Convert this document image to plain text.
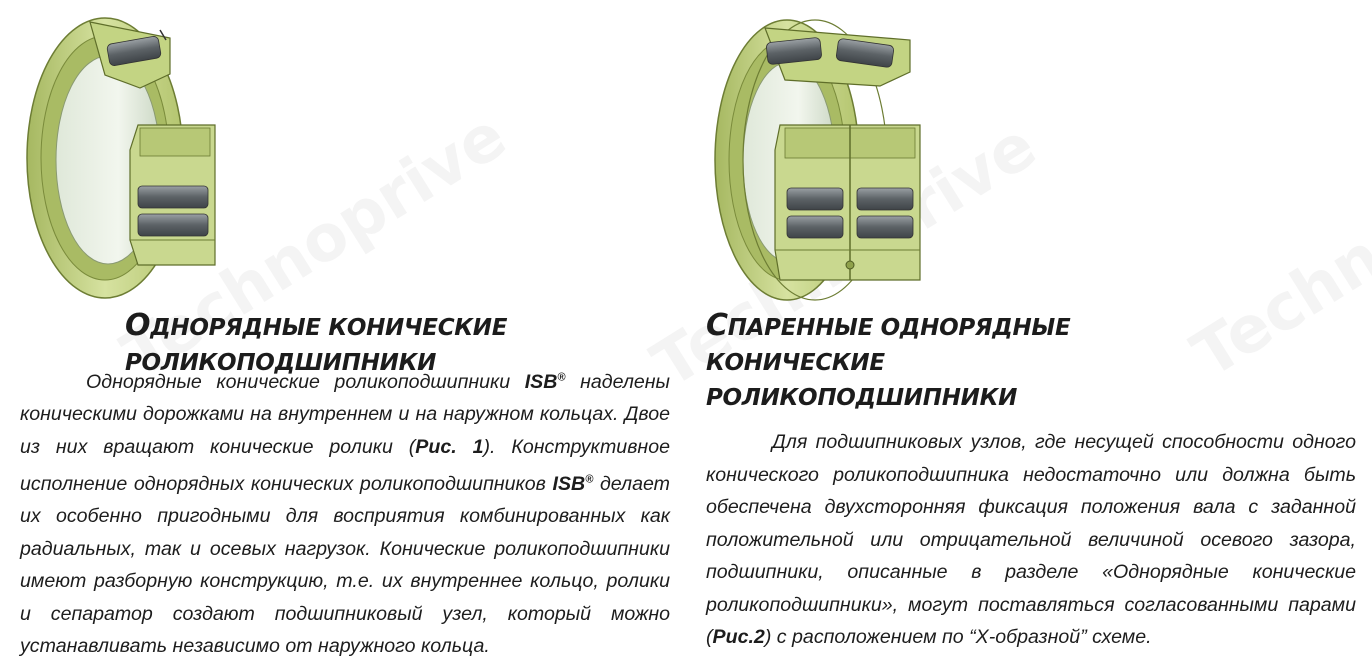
ОДНОРЯДНЫЕ КОНИЧЕСКИЕ РОЛИКОПОДШИПНИКИ

Однорядные конические роликоподшипники ISB® наделены коническими дорожками на внутреннем и на наружном кольцах. Двое из них вращают конические ролики (Рис. 1). Конструктивное исполнение однорядных конических роликоподшипников ISB® делает их особенно пригодными для восприятия комбинированных как радиальных, так и осевых нагрузок. Конические роликоподшипники имеют разборную конструкцию, т.е. их внутреннее кольцо, ролики и сепаратор создают подшипниковый узел, который можно устанавливать независимо от наружного кольца.

СПАРЕННЫЕ ОДНОРЯДНЫЕ КОНИЧЕСКИЕ
РОЛИКОПОДШИПНИКИ

Для подшипниковых узлов, где несущей способности одного конического роликоподшипника недостаточно или должна быть обеспечена двухсторонняя фиксация положения вала с заданной положительной или отрицательной величиной осевого зазора, подшипники, описанные в разделе «Однорядные конические роликоподшипники», могут поставляться согласованными парами (Рис.2) с расположением по “Х-образной” схеме.
